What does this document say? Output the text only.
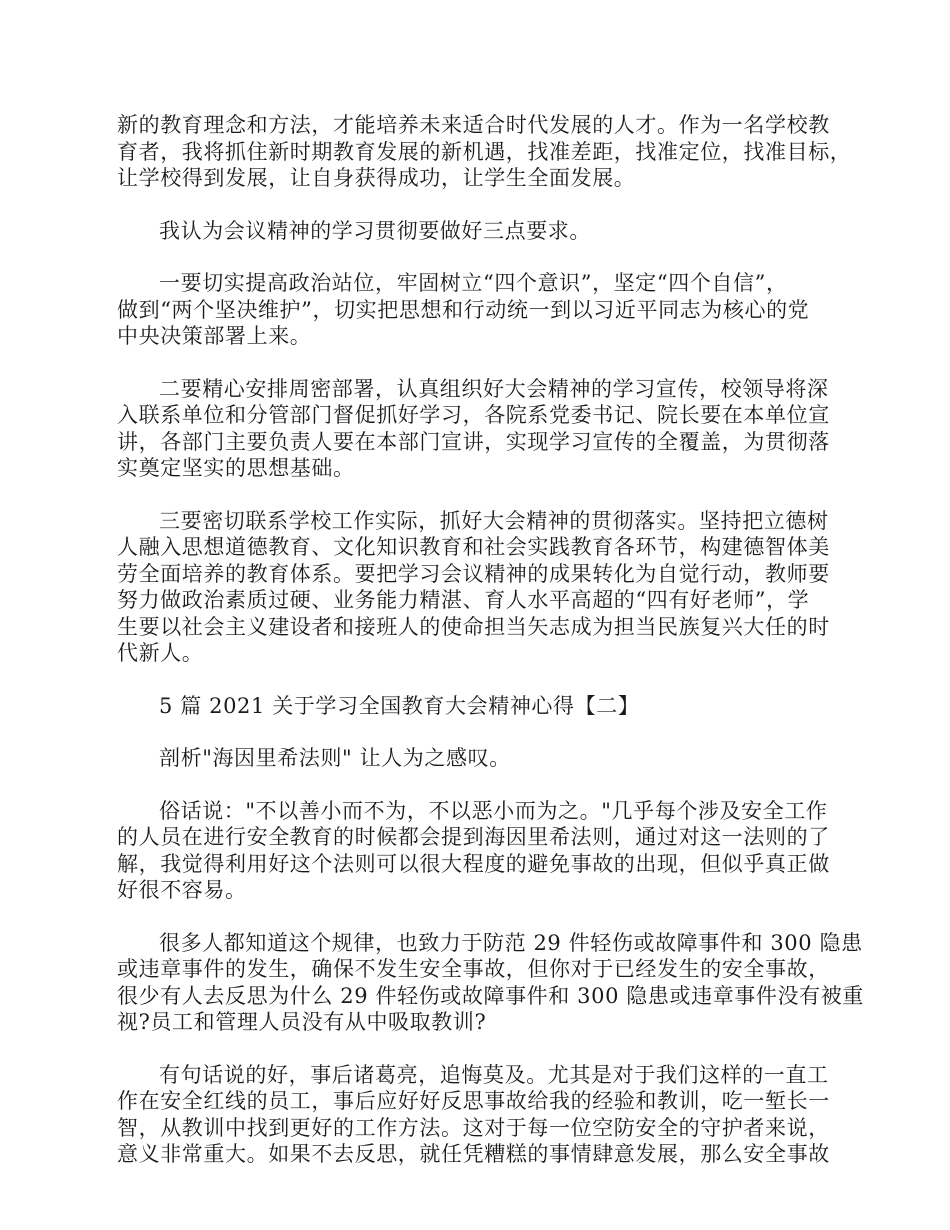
新的教育理念和方法，才能培养未来适合时代发展的人才。作为一名学校教
育者，我将抓住新时期教育发展的新机遇，找准差距，找准定位，找准目标，
让学校得到发展，让自身获得成功，让学生全面发展。

我认为会议精神的学习贯彻要做好三点要求。

一要切实提高政治站位，牢固树立“四个意识”，坚定“四个自信”，
做到“两个坚决维护”，切实把思想和行动统一到以习近平同志为核心的党
中央决策部署上来。

二要精心安排周密部署，认真组织好大会精神的学习宣传，校领导将深
入联系单位和分管部门督促抓好学习，各院系党委书记、院长要在本单位宣
讲，各部门主要负责人要在本部门宣讲，实现学习宣传的全覆盖，为贯彻落
实奠定坚实的思想基础。

三要密切联系学校工作实际，抓好大会精神的贯彻落实。坚持把立德树
人融入思想道德教育、文化知识教育和社会实践教育各环节，构建德智体美
劳全面培养的教育体系。要把学习会议精神的成果转化为自觉行动，教师要
努力做政治素质过硬、业务能力精湛、育人水平高超的“四有好老师”，学
生要以社会主义建设者和接班人的使命担当矢志成为担当民族复兴大任的时
代新人。

5 篇 2021 关于学习全国教育大会精神心得【二】

剖析"海因里希法则" 让人为之感叹。

俗话说："不以善小而不为，不以恶小而为之。"几乎每个涉及安全工作
的人员在进行安全教育的时候都会提到海因里希法则，通过对这一法则的了
解，我觉得利用好这个法则可以很大程度的避免事故的出现，但似乎真正做
好很不容易。

很多人都知道这个规律，也致力于防范 29 件轻伤或故障事件和 300 隐患
或违章事件的发生，确保不发生安全事故，但你对于已经发生的安全事故，
很少有人去反思为什么 29 件轻伤或故障事件和 300 隐患或违章事件没有被重
视?员工和管理人员没有从中吸取教训?

有句话说的好，事后诸葛亮，追悔莫及。尤其是对于我们这样的一直工
作在安全红线的员工，事后应好好反思事故给我的经验和教训，吃一堑长一
智，从教训中找到更好的工作方法。这对于每一位空防安全的守护者来说，
意义非常重大。如果不去反思，就任凭糟糕的事情肆意发展，那么安全事故
